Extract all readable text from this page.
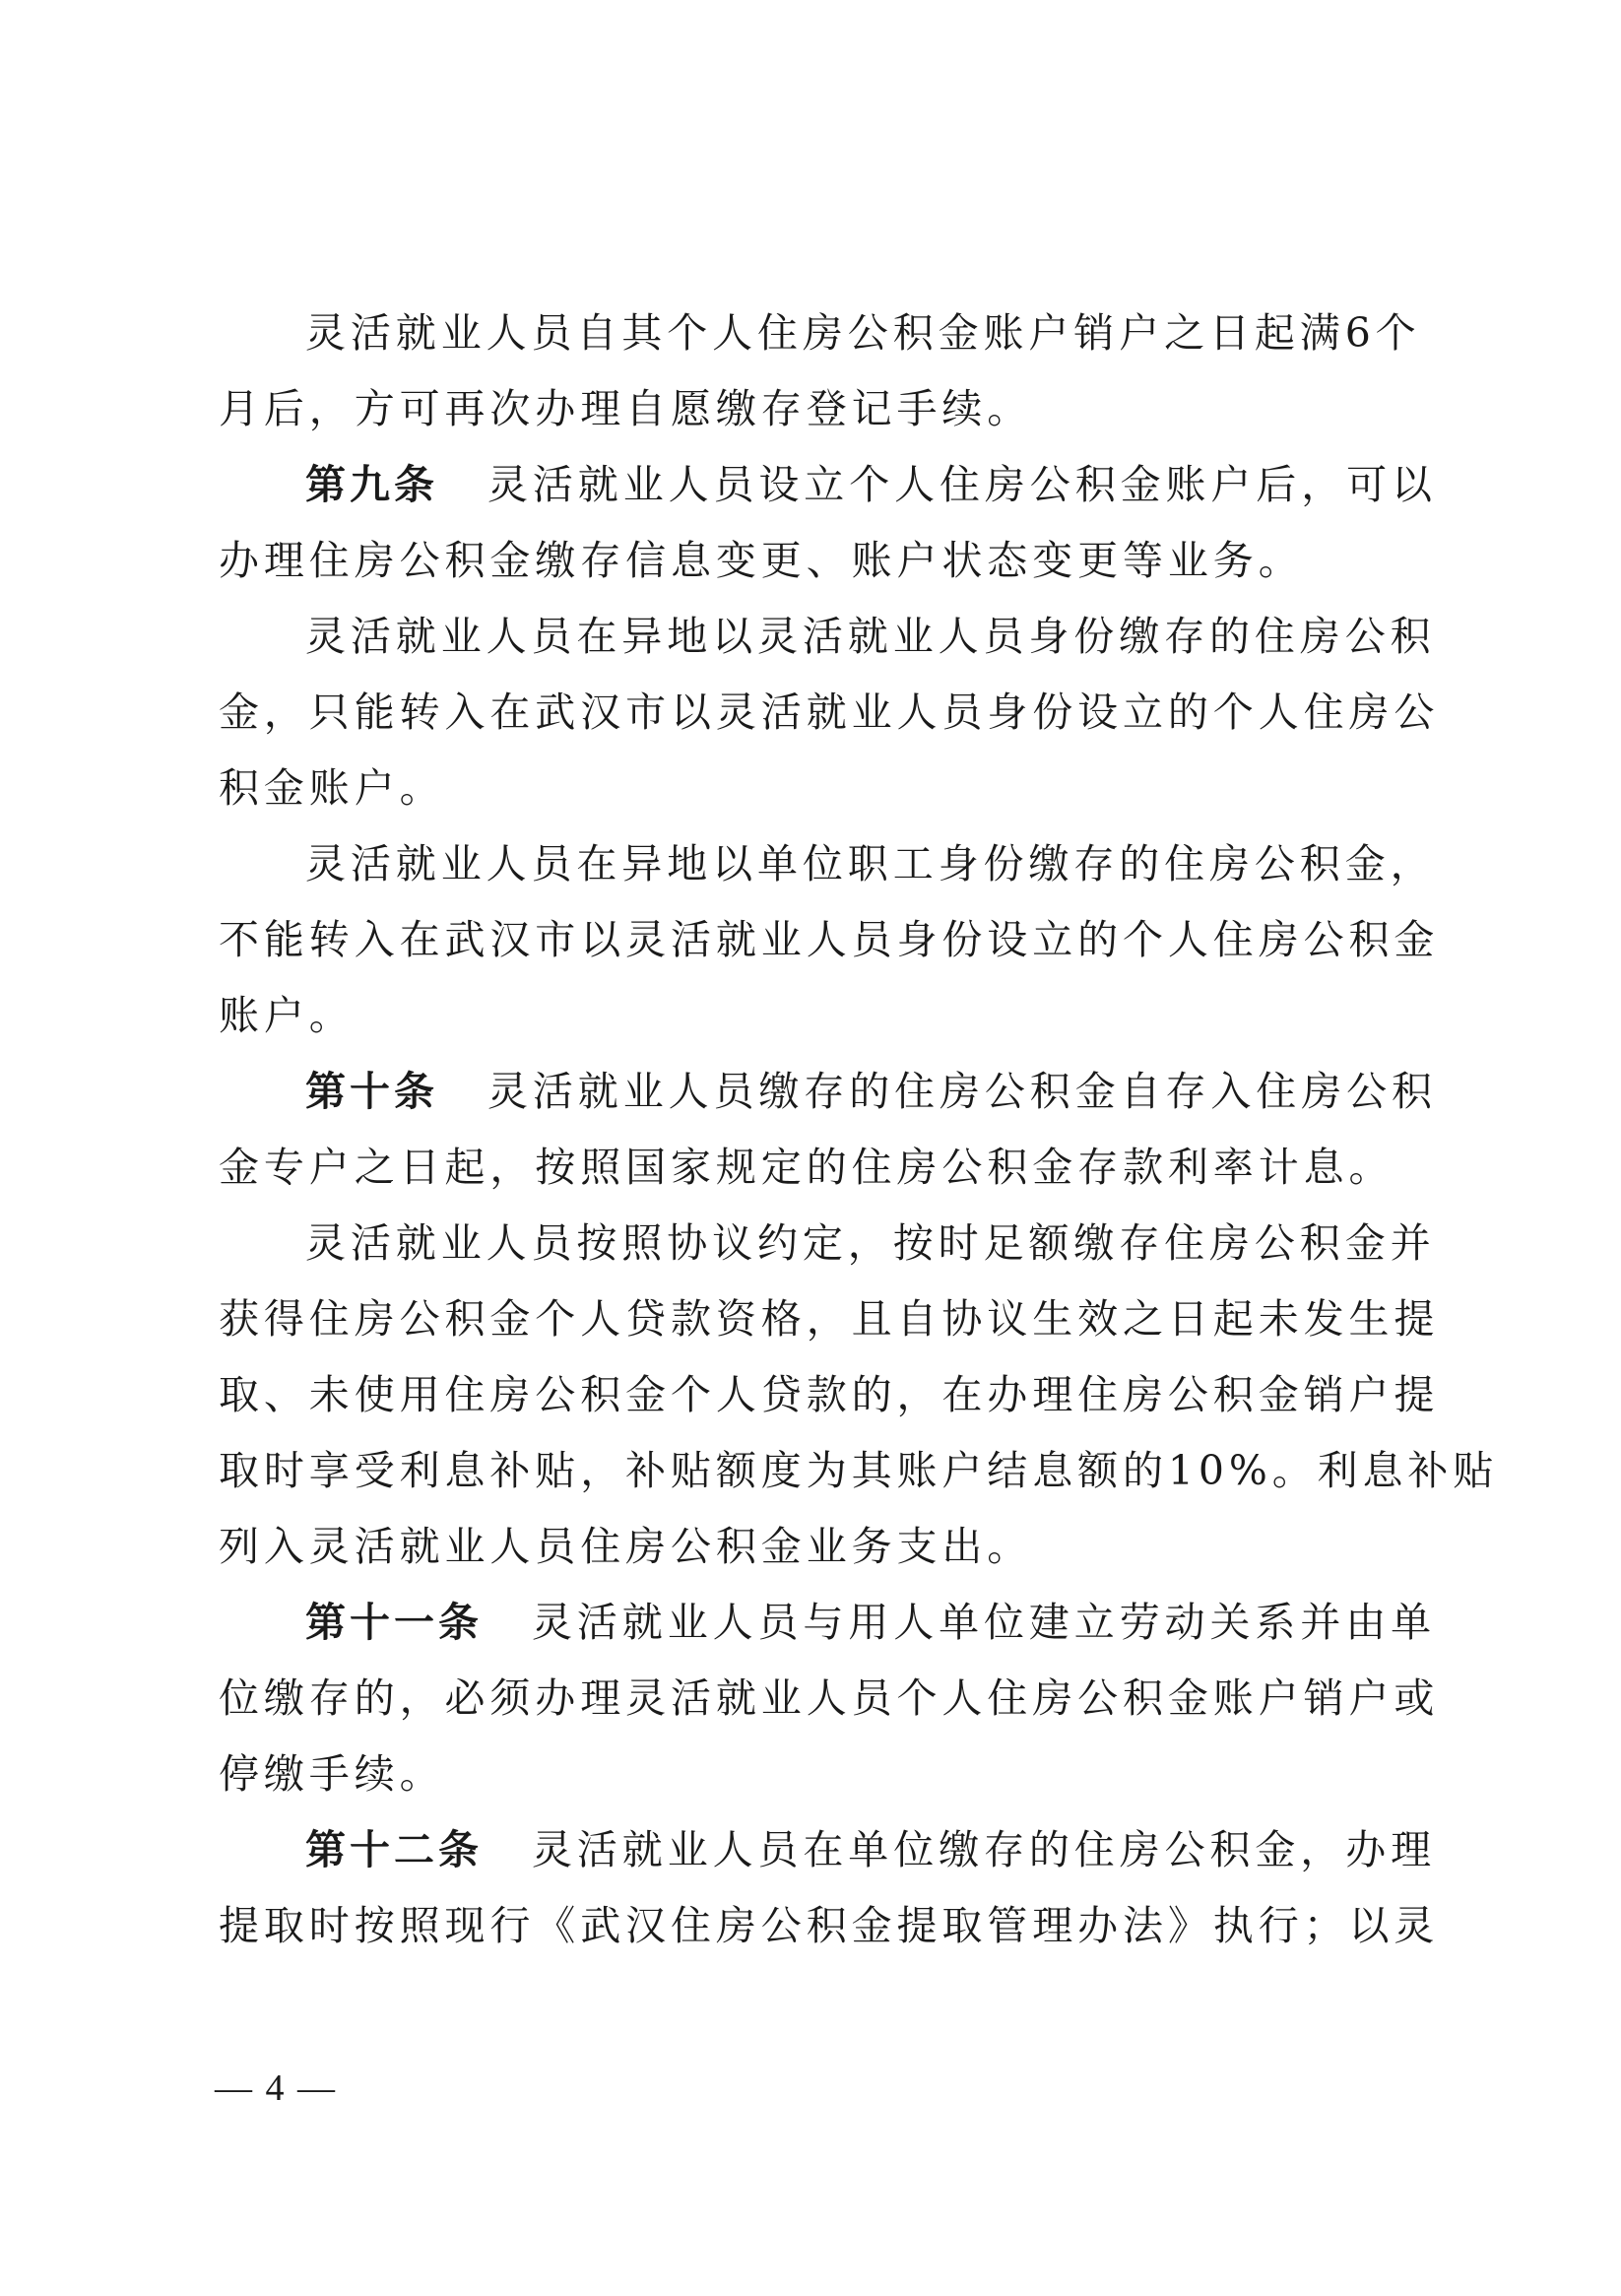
灵活就业人员自其个人住房公积金账户销户之日起满6个
月后，方可再次办理自愿缴存登记手续。
第九条 灵活就业人员设立个人住房公积金账户后，可以
办理住房公积金缴存信息变更、账户状态变更等业务。
灵活就业人员在异地以灵活就业人员身份缴存的住房公积
金，只能转入在武汉市以灵活就业人员身份设立的个人住房公
积金账户。
灵活就业人员在异地以单位职工身份缴存的住房公积金，
不能转入在武汉市以灵活就业人员身份设立的个人住房公积金
账户。
第十条 灵活就业人员缴存的住房公积金自存入住房公积
金专户之日起，按照国家规定的住房公积金存款利率计息。
灵活就业人员按照协议约定，按时足额缴存住房公积金并
获得住房公积金个人贷款资格，且自协议生效之日起未发生提
取、未使用住房公积金个人贷款的，在办理住房公积金销户提
取时享受利息补贴，补贴额度为其账户结息额的10%。利息补贴
列入灵活就业人员住房公积金业务支出。
第十一条 灵活就业人员与用人单位建立劳动关系并由单
位缴存的，必须办理灵活就业人员个人住房公积金账户销户或
停缴手续。
第十二条 灵活就业人员在单位缴存的住房公积金，办理
提取时按照现行《武汉住房公积金提取管理办法》执行；以灵
— 4 —
